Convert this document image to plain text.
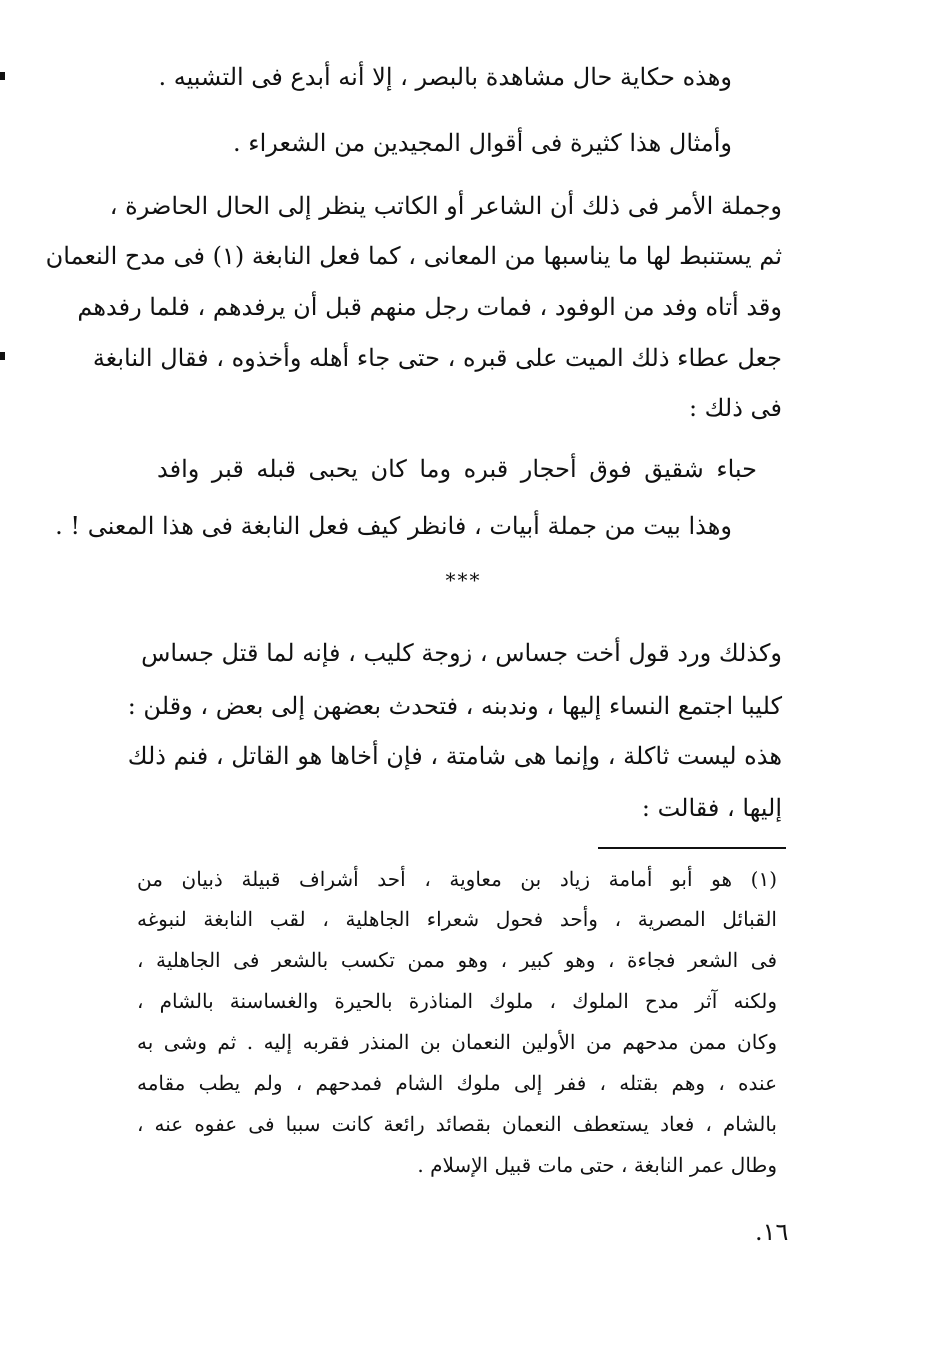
وهذه حكاية حال مشاهدة بالبصر ، إلا أنه أبدع فى التشبيه .
وأمثال هذا كثيرة فى أقوال المجيدين من الشعراء .
وجملة الأمر فى ذلك أن الشاعر أو الكاتب ينظر إلى الحال الحاضرة ،
ثم يستنبط لها ما يناسبها من المعانى ، كما فعل النابغة (١) فى مدح النعمان
وقد أتاه وفد من الوفود ، فمات رجل منهم قبل أن يرفدهم ، فلما رفدهم
جعل عطاء ذلك الميت على قبره ، حتى جاء أهله وأخذوه ، فقال النابغة
فى ذلك :
حباء شقيق فوق أحجار قبره وما كان يحبى قبله قبر وافد
وهذا بيت من جملة أبيات ، فانظر كيف فعل النابغة فى هذا المعنى ! .
***
وكذلك ورد قول أخت جساس ، زوجة كليب ، فإنه لما قتل جساس
كليبا اجتمع النساء إليها ، وندبنه ، فتحدث بعضهن إلى بعض ، وقلن :
هذه ليست ثاكلة ، وإنما هى شامتة ، فإن أخاها هو القاتل ، فنم ذلك
إليها ، فقالت :
(١) هو أبو أمامة زياد بن معاوية ، أحد أشراف قبيلة ذبيان من
القبائل المصرية ، وأحد فحول شعراء الجاهلية ، لقب النابغة لنبوغه
فى الشعر فجاءة ، وهو كبير ، وهو ممن تكسب بالشعر فى الجاهلية ،
ولكنه آثر مدح الملوك ، ملوك المناذرة بالحيرة والغساسنة بالشام ،
وكان ممن مدحهم من الأولين النعمان بن المنذر فقربه إليه . ثم وشى به
عنده ، وهم بقتله ، ففر إلى ملوك الشام فمدحهم ، ولم يطب مقامه
بالشام ، فعاد يستعطف النعمان بقصائد رائعة كانت سببا فى عفوه عنه ،
وطال عمر النابغة ، حتى مات قبيل الإسلام .
١٦.
